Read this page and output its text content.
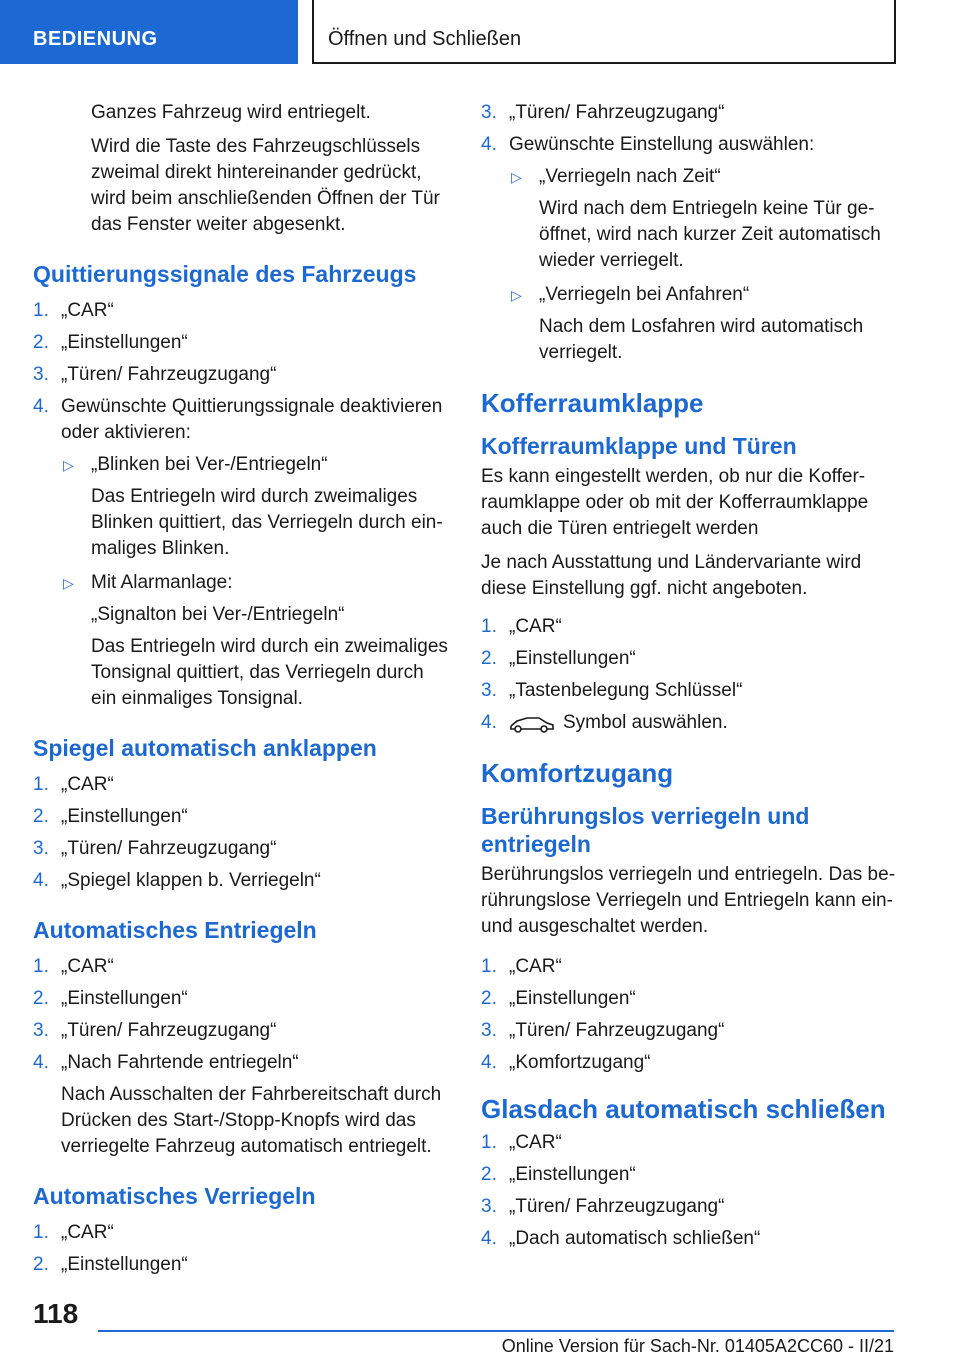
BEDIENUNG	Öffnen und Schließen

Ganzes Fahrzeug wird entriegelt.

Wird die Taste des Fahrzeugschlüssels zweimal direkt hintereinander gedrückt, wird beim anschließenden Öffnen der Tür das Fenster weiter abgesenkt.

Quittierungssignale des Fahrzeugs
1. „CAR“
2. „Einstellungen“
3. „Türen/ Fahrzeugzugang“
4. Gewünschte Quittierungssignale deaktivieren oder aktivieren:
▷ „Blinken bei Ver-/Entriegeln“
Das Entriegeln wird durch zweimaliges Blinken quittiert, das Verriegeln durch ein‐maliges Blinken.
▷ Mit Alarmanlage:
„Signalton bei Ver-/Entriegeln“
Das Entriegeln wird durch ein zweimaliges Tonsignal quittiert, das Verriegeln durch ein einmaliges Tonsignal.
Spiegel automatisch anklappen
1. „CAR“
2. „Einstellungen“
3. „Türen/ Fahrzeugzugang“
4. „Spiegel klappen b. Verriegeln“
Automatisches Entriegeln
1. „CAR“
2. „Einstellungen“
3. „Türen/ Fahrzeugzugang“
4. „Nach Fahrtende entriegeln“
Nach Ausschalten der Fahrbereitschaft durch Drücken des Start-/Stopp-Knopfs wird das verriegelte Fahrzeug automatisch entriegelt.
Automatisches Verriegeln
1. „CAR“
2. „Einstellungen“
3. „Türen/ Fahrzeugzugang“
4. Gewünschte Einstellung auswählen:
▷ „Verriegeln nach Zeit“
Wird nach dem Entriegeln keine Tür ge‐öffnet, wird nach kurzer Zeit automatisch wieder verriegelt.
▷ „Verriegeln bei Anfahren“
Nach dem Losfahren wird automatisch verriegelt.
Kofferraumklappe
Kofferraumklappe und Türen

Es kann eingestellt werden, ob nur die Koffer‐raumklappe oder ob mit der Kofferraumklappe auch die Türen entriegelt werden

Je nach Ausstattung und Ländervariante wird diese Einstellung ggf. nicht angeboten.

1. „CAR“
2. „Einstellungen“
3. „Tastenbelegung Schlüssel“
4.	Symbol auswählen.
Komfortzugang
Berührungslos verriegeln und entriegeln

Berührungslos verriegeln und entriegeln. Das be‐rührungslose Verriegeln und Entriegeln kann ein‐und ausgeschaltet werden.

1. „CAR“
2. „Einstellungen“
3. „Türen/ Fahrzeugzugang“
4. „Komfortzugang“
Glasdach automatisch schließen
1. „CAR“
2. „Einstellungen“
3. „Türen/ Fahrzeugzugang“
4. „Dach automatisch schließen“
118
Online Version für Sach-Nr. 01405A2CC60 - II/21
